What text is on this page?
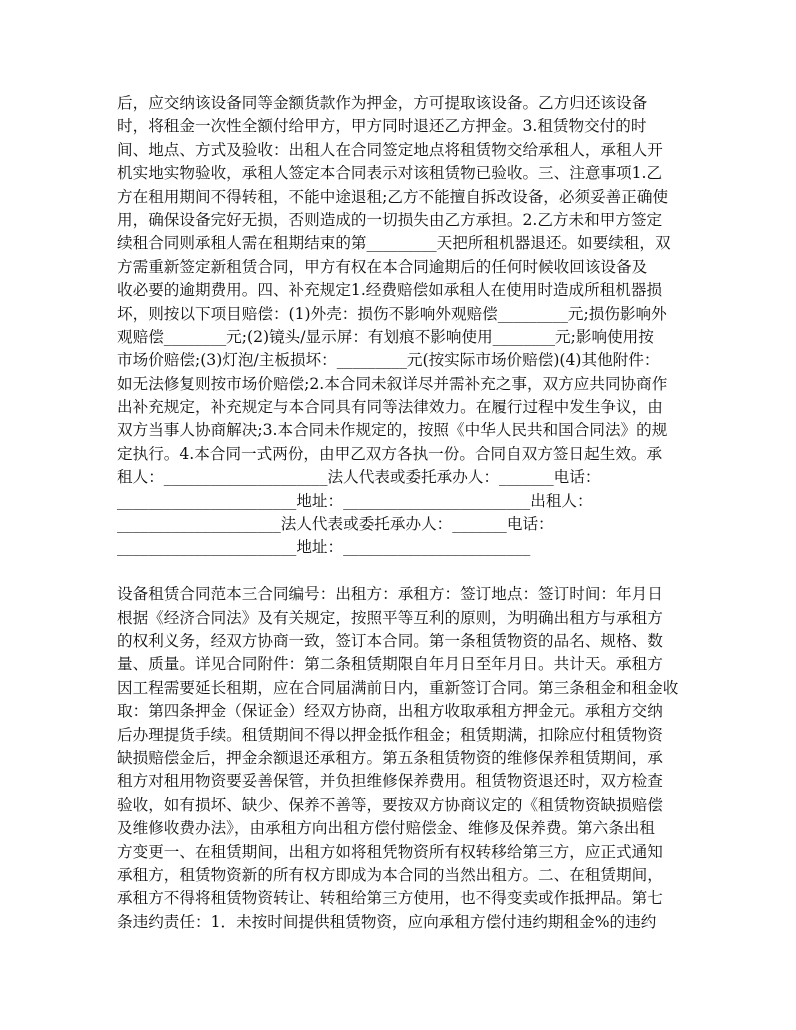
后，应交纳该设备同等金额货款作为押金，方可提取该设备。乙方归还该设备
时，将租金一次性全额付给甲方，甲方同时退还乙方押金。3.租赁物交付的时
间、地点、方式及验收：出租人在合同签定地点将租赁物交给承租人，承租人开
机实地实物验收，承租人签定本合同表示对该租赁物已验收。三、注意事项1.乙
方在租用期间不得转租，不能中途退租;乙方不能擅自拆改设备，必须妥善正确使
用，确保设备完好无损，否则造成的一切损失由乙方承担。2.乙方未和甲方签定
续租合同则承租人需在租期结束的第_________天把所租机器退还。如要续租，双
方需重新签定新租赁合同，甲方有权在本合同逾期后的任何时候收回该设备及
收必要的逾期费用。四、补充规定1.经费赔偿如承租人在使用时造成所租机器损
坏，则按以下项目赔偿：(1)外壳：损伤不影响外观赔偿_________元;损伤影响外
观赔偿________元;(2)镜头/显示屏：有划痕不影响使用________元;影响使用按
市场价赔偿;(3)灯泡/主板损坏：_________元(按实际市场价赔偿)(4)其他附件：
如无法修复则按市场价赔偿;2.本合同未叙详尽并需补充之事，双方应共同协商作
出补充规定，补充规定与本合同具有同等法律效力。在履行过程中发生争议，由
双方当事人协商解决;3.本合同未作规定的，按照《中华人民共和国合同法》的规
定执行。4.本合同一式两份，由甲乙双方各执一份。合同自双方签日起生效。承
租人：_____________________法人代表或委托承办人：_______电话：
_______________________地址：________________________出租人：
_____________________法人代表或委托承办人：_______电话：
_______________________地址：________________________
设备租赁合同范本三合同编号：出租方：承租方：签订地点：签订时间：年月日
根据《经济合同法》及有关规定，按照平等互利的原则，为明确出租方与承租方
的权利义务，经双方协商一致，签订本合同。第一条租赁物资的品名、规格、数
量、质量。详见合同附件：第二条租赁期限自年月日至年月日。共计天。承租方
因工程需要延长租期，应在合同届满前日内，重新签订合同。第三条租金和租金收
取：第四条押金（保证金）经双方协商，出租方收取承租方押金元。承租方交纳
后办理提货手续。租赁期间不得以押金抵作租金；租赁期满，扣除应付租赁物资
缺损赔偿金后，押金余额退还承租方。第五条租赁物资的维修保养租赁期间，承
租方对租用物资要妥善保管，并负担维修保养费用。租赁物资退还时，双方检查
验收，如有损坏、缺少、保养不善等，要按双方协商议定的《租赁物资缺损赔偿
及维修收费办法》，由承租方向出租方偿付赔偿金、维修及保养费。第六条出租
方变更一、在租赁期间，出租方如将租凭物资所有权转移给第三方，应正式通知
承租方，租赁物资新的所有权方即成为本合同的当然出租方。二、在租赁期间，
承租方不得将租赁物资转让、转租给第三方使用，也不得变卖或作抵押品。第七
条违约责任：1．未按时间提供租赁物资，应向承租方偿付违约期租金%的违约
